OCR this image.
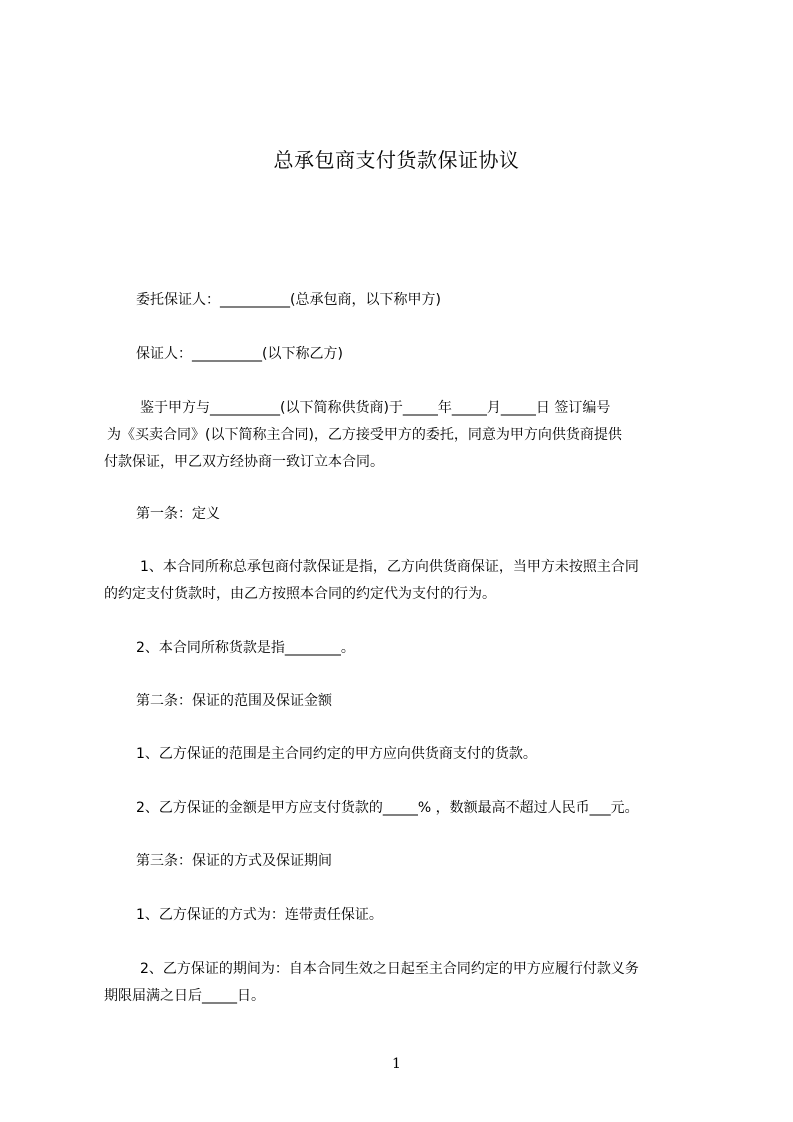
总承包商支付货款保证协议
委托保证人：__________(总承包商，以下称甲方)
保证人：__________(以下称乙方)
鉴于甲方与__________(以下简称供货商)于_____年_____月_____日 签订编号
为《买卖合同》(以下简称主合同)，乙方接受甲方的委托，同意为甲方向供货商提供
付款保证，甲乙双方经协商一致订立本合同。
第一条：定义
1、本合同所称总承包商付款保证是指，乙方向供货商保证，当甲方未按照主合同
的约定支付货款时，由乙方按照本合同的约定代为支付的行为。
2、本合同所称货款是指________。
第二条：保证的范围及保证金额
1、乙方保证的范围是主合同约定的甲方应向供货商支付的货款。
2、乙方保证的金额是甲方应支付货款的_____% ，数额最高不超过人民币___元。
第三条：保证的方式及保证期间
1、乙方保证的方式为：连带责任保证。
2、乙方保证的期间为：自本合同生效之日起至主合同约定的甲方应履行付款义务
期限届满之日后_____日。
1
